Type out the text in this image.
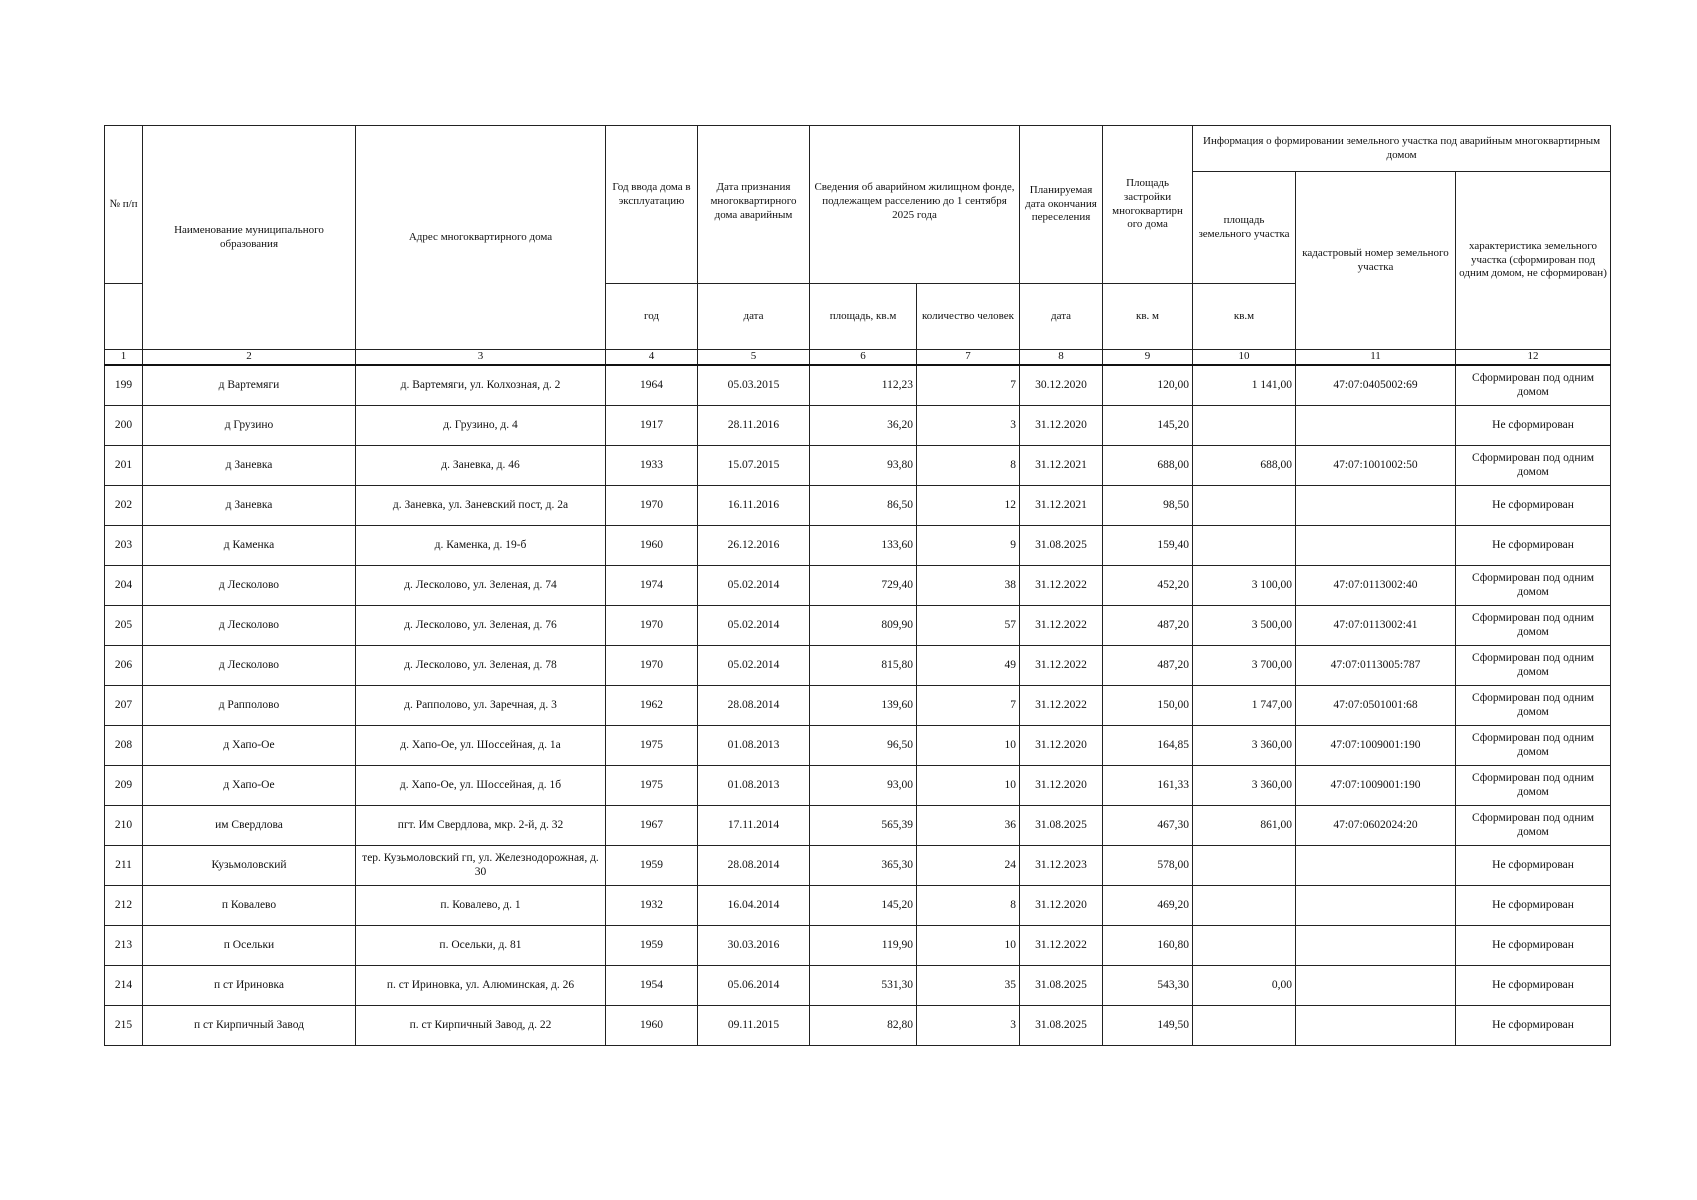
№ п/п	Наименование муниципального образования	Адрес многоквартирного дома	Год ввода дома в эксплуатацию	Дата признания многоквартирного дома аварийным	Сведения об аварийном жилищном фонде, подлежащем расселению до 1 сентября 2025 года		Планируемая дата окончания переселения	Площадь застройки многоквартирн ого дома	Информация о формировании земельного участка под аварийным многоквартирным домом		
									площадь земельного участка	кадастровый номер земельного участка	характеристика земельного участка (сформирован под одним домом, не сформирован)
			год	дата	площадь, кв.м	количество человек	дата	кв. м	кв.м		
1	2	3	4	5	6	7	8	9	10	11	12
199	д Вартемяги	д. Вартемяги, ул. Колхозная, д. 2	1964	05.03.2015	112,23	7	30.12.2020	120,00	1 141,00	47:07:0405002:69	Сформирован под одним домом
200	д Грузино	д. Грузино, д. 4	1917	28.11.2016	36,20	3	31.12.2020	145,20			Не сформирован
201	д Заневка	д. Заневка, д. 46	1933	15.07.2015	93,80	8	31.12.2021	688,00	688,00	47:07:1001002:50	Сформирован под одним домом
202	д Заневка	д. Заневка, ул. Заневский пост, д. 2а	1970	16.11.2016	86,50	12	31.12.2021	98,50			Не сформирован
203	д Каменка	д. Каменка, д. 19-б	1960	26.12.2016	133,60	9	31.08.2025	159,40			Не сформирован
204	д Лесколово	д. Лесколово, ул. Зеленая, д. 74	1974	05.02.2014	729,40	38	31.12.2022	452,20	3 100,00	47:07:0113002:40	Сформирован под одним домом
205	д Лесколово	д. Лесколово, ул. Зеленая, д. 76	1970	05.02.2014	809,90	57	31.12.2022	487,20	3 500,00	47:07:0113002:41	Сформирован под одним домом
206	д Лесколово	д. Лесколово, ул. Зеленая, д. 78	1970	05.02.2014	815,80	49	31.12.2022	487,20	3 700,00	47:07:0113005:787	Сформирован под одним домом
207	д Рапполово	д. Рапполово, ул. Заречная, д. 3	1962	28.08.2014	139,60	7	31.12.2022	150,00	1 747,00	47:07:0501001:68	Сформирован под одним домом
208	д Хапо-Ое	д. Хапо-Ое, ул. Шоссейная, д. 1а	1975	01.08.2013	96,50	10	31.12.2020	164,85	3 360,00	47:07:1009001:190	Сформирован под одним домом
209	д Хапо-Ое	д. Хапо-Ое, ул. Шоссейная, д. 1б	1975	01.08.2013	93,00	10	31.12.2020	161,33	3 360,00	47:07:1009001:190	Сформирован под одним домом
210	им Свердлова	пгт. Им Свердлова, мкр. 2-й, д. 32	1967	17.11.2014	565,39	36	31.08.2025	467,30	861,00	47:07:0602024:20	Сформирован под одним домом
211	Кузьмоловский	тер. Кузьмоловский гп, ул. Железнодорожная, д. 30	1959	28.08.2014	365,30	24	31.12.2023	578,00			Не сформирован
212	п Ковалево	п. Ковалево, д. 1	1932	16.04.2014	145,20	8	31.12.2020	469,20			Не сформирован
213	п Осельки	п. Осельки, д. 81	1959	30.03.2016	119,90	10	31.12.2022	160,80			Не сформирован
214	п ст Ириновка	п. ст Ириновка, ул. Алюминская, д. 26	1954	05.06.2014	531,30	35	31.08.2025	543,30	0,00		Не сформирован
215	п ст Кирпичный Завод	п. ст Кирпичный Завод, д. 22	1960	09.11.2015	82,80	3	31.08.2025	149,50			Не сформирован
